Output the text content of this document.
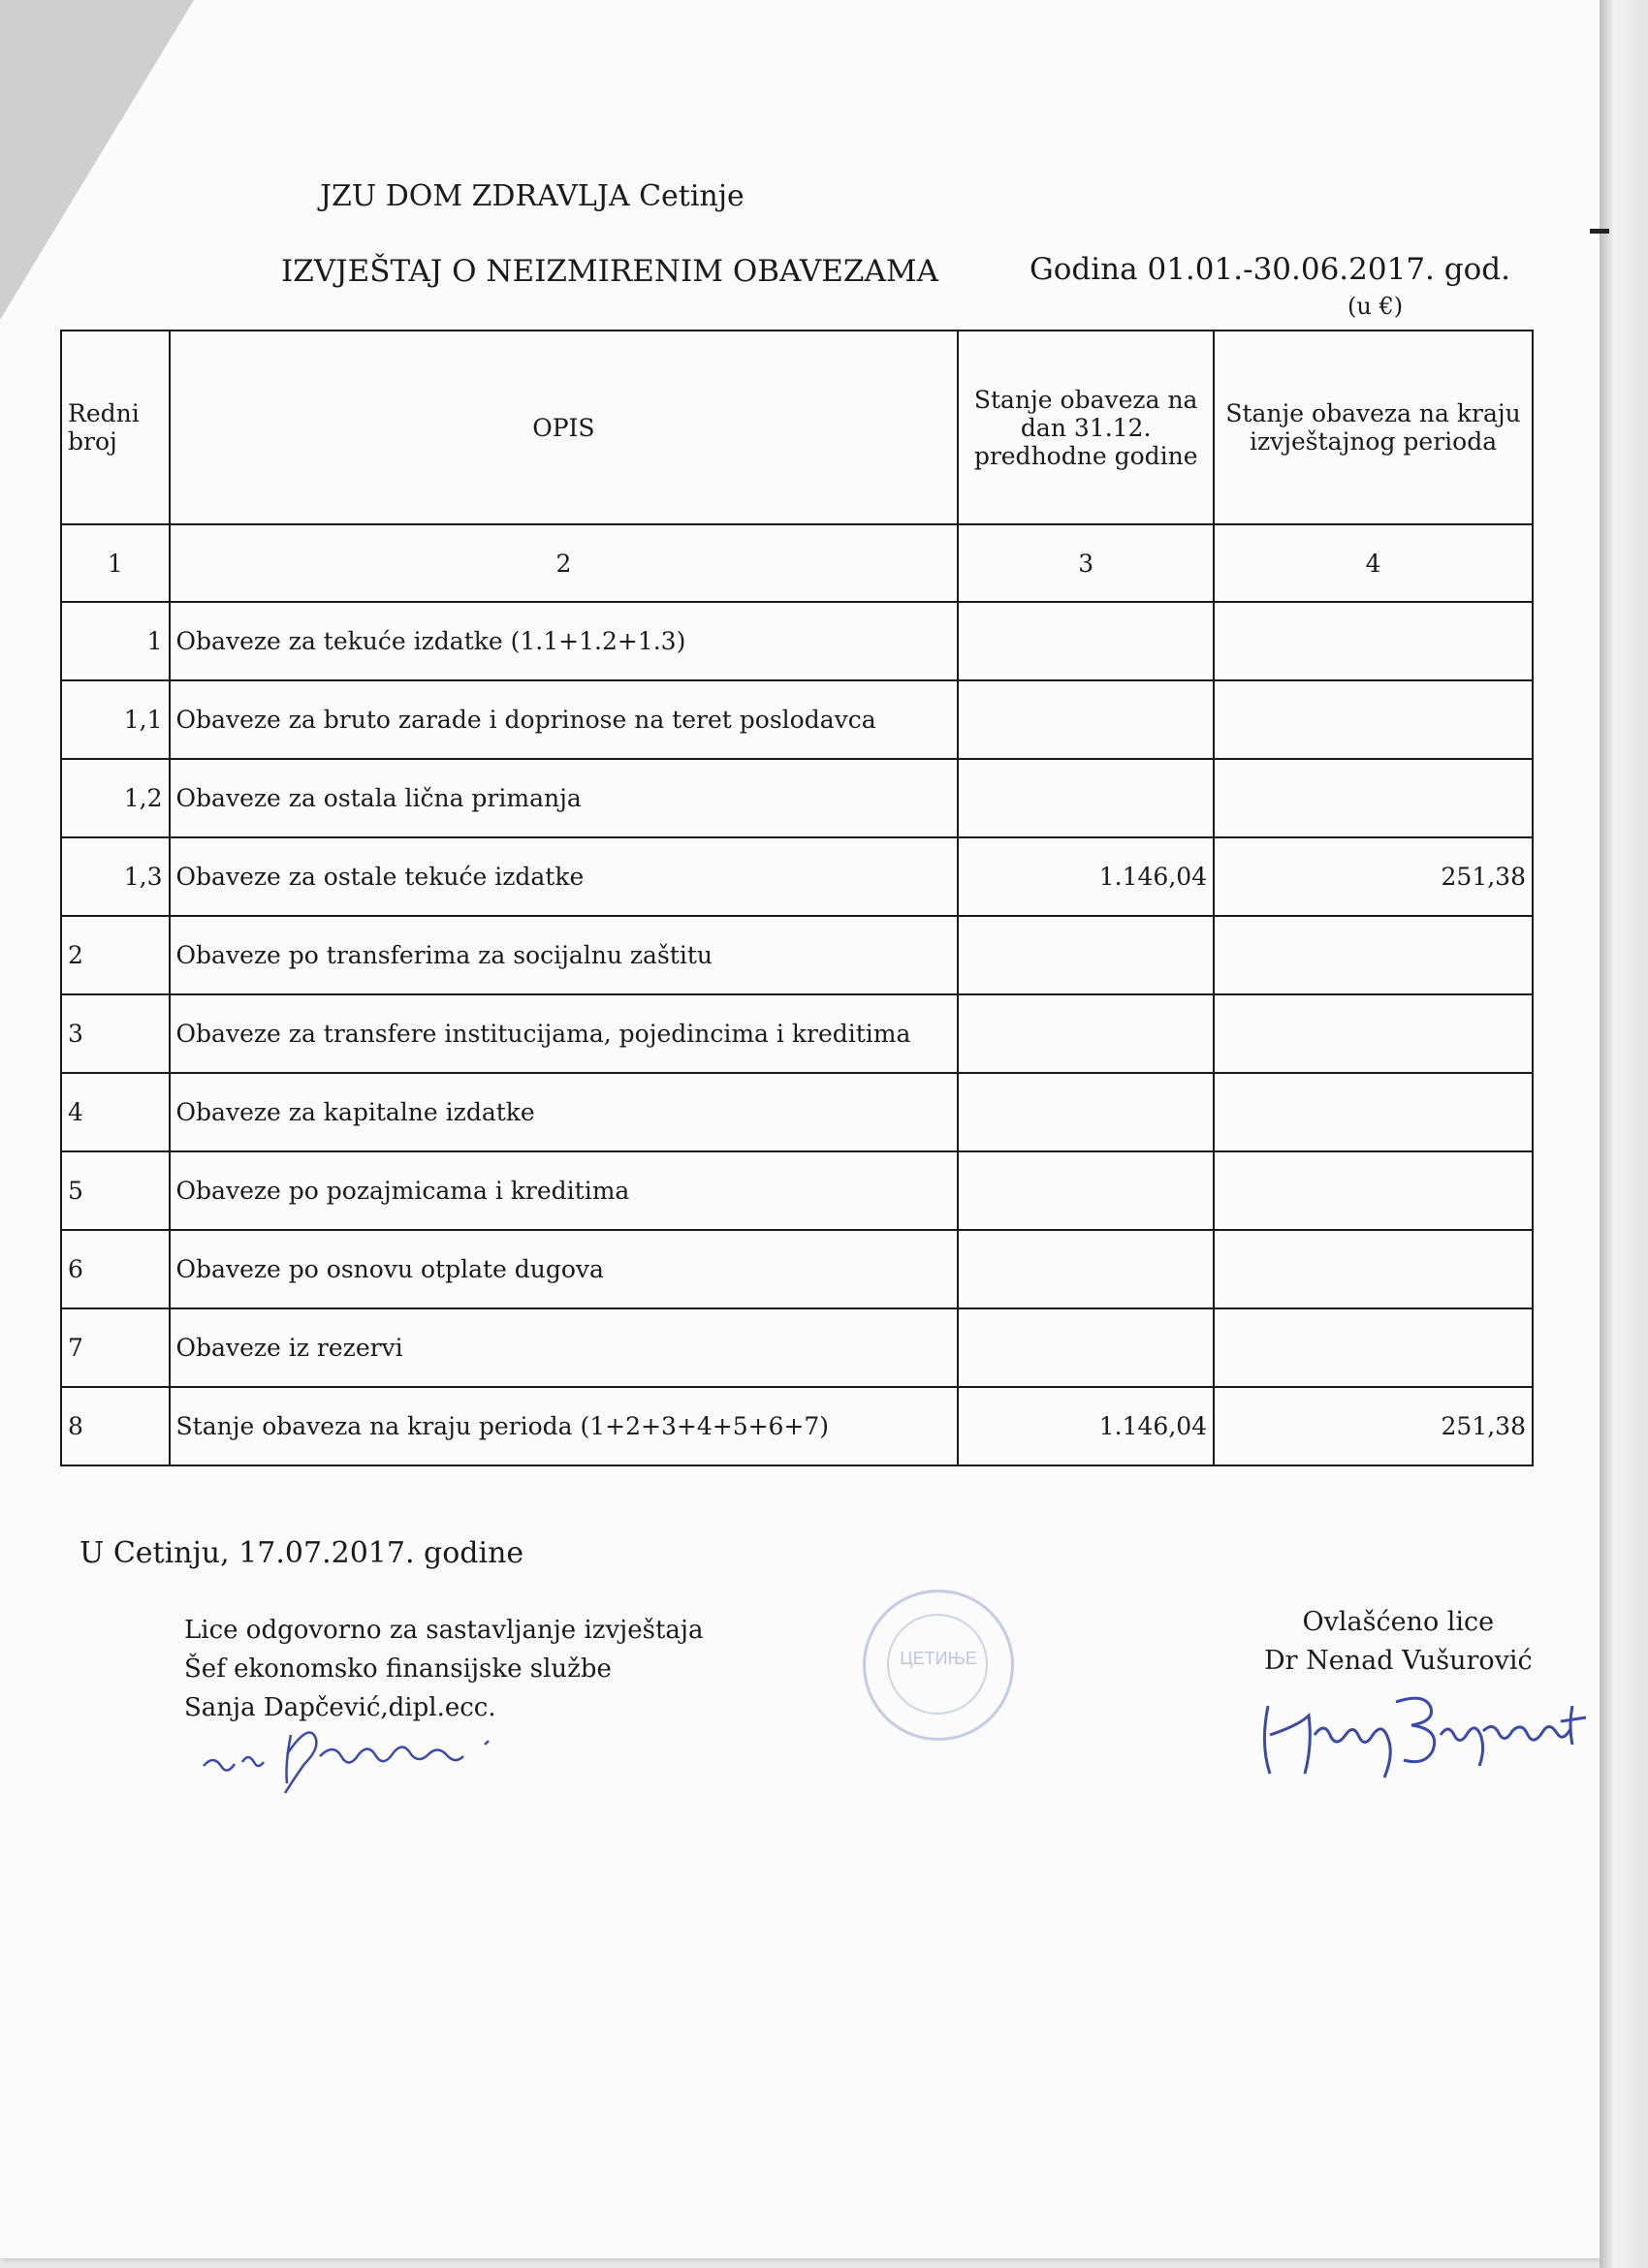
JZU DOM ZDRAVLJA Cetinje
IZVJEŠTAJ O NEIZMIRENIM OBAVEZAMA	Godina 01.01.-30.06.2017. god.
(u €)
Redni broj	OPIS	Stanje obaveza na dan 31.12. predhodne godine	Stanje obaveza na kraju izvještajnog perioda
1	2	3	4
1	Obaveze za tekuće izdatke (1.1+1.2+1.3)		
1,1	Obaveze za bruto zarade i doprinose na teret poslodavca		
1,2	Obaveze za ostala lična primanja		
1,3	Obaveze za ostale tekuće izdatke	1.146,04	251,38
2	Obaveze po transferima za socijalnu zaštitu		
3	Obaveze za transfere institucijama, pojedincima i kreditima		
4	Obaveze za kapitalne izdatke		
5	Obaveze po pozajmicama i kreditima		
6	Obaveze po osnovu otplate dugova		
7	Obaveze iz rezervi		
8	Stanje obaveza na kraju perioda (1+2+3+4+5+6+7)	1.146,04	251,38
U Cetinju, 17.07.2017. godine
Lice odgovorno za sastavljanje izvještaja
Šef ekonomsko finansijske službe
Sanja Dapčević,dipl.ecc.
Ovlašćeno lice
Dr Nenad Vušurović
ЦЕТИЊЕ
